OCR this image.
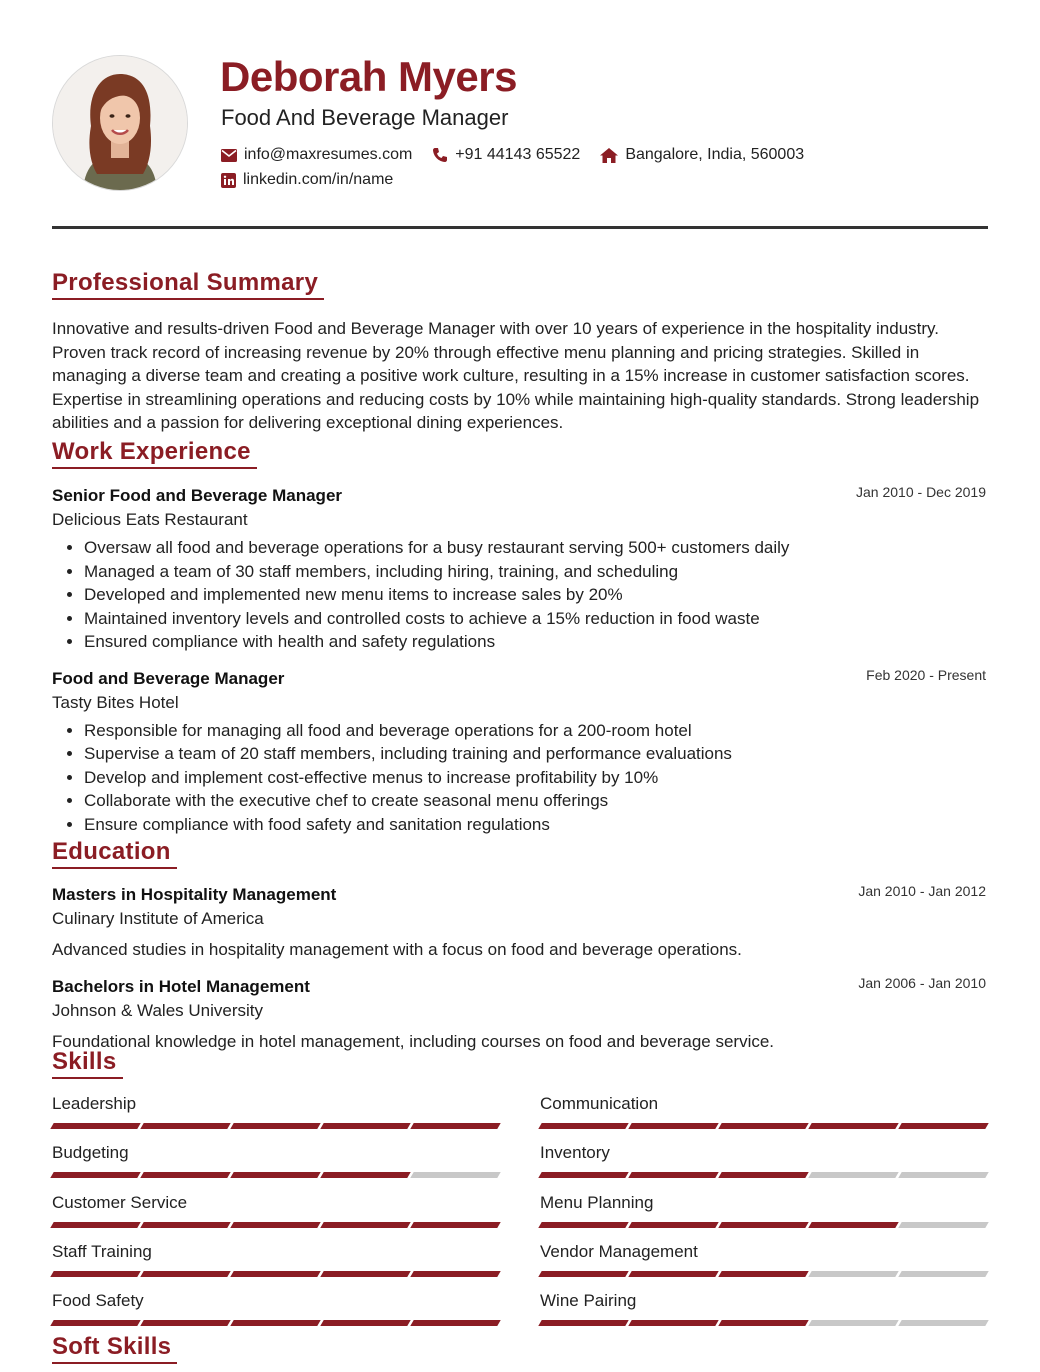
Deborah Myers
Food And Beverage Manager
info@maxresumes.com	+91 44143 65522	Bangalore, India, 560003
linkedin.com/in/name
Professional Summary

Innovative and results-driven Food and Beverage Manager with over 10 years of experience in the hospitality industry. Proven track record of increasing revenue by 20% through effective menu planning and pricing strategies. Skilled in managing a diverse team and creating a positive work culture, resulting in a 15% increase in customer satisfaction scores. Expertise in streamlining operations and reducing costs by 10% while maintaining high-quality standards. Strong leadership abilities and a passion for delivering exceptional dining experiences.

Work Experience
Senior Food and Beverage Manager	Jan 2010 - Dec 2019
Delicious Eats Restaurant
• Oversaw all food and beverage operations for a busy restaurant serving 500+ customers daily
• Managed a team of 30 staff members, including hiring, training, and scheduling
• Developed and implemented new menu items to increase sales by 20%
• Maintained inventory levels and controlled costs to achieve a 15% reduction in food waste
• Ensured compliance with health and safety regulations
Food and Beverage Manager	Feb 2020 - Present
Tasty Bites Hotel
• Responsible for managing all food and beverage operations for a 200-room hotel
• Supervise a team of 20 staff members, including training and performance evaluations
• Develop and implement cost-effective menus to increase profitability by 10%
• Collaborate with the executive chef to create seasonal menu offerings
• Ensure compliance with food safety and sanitation regulations
Education
Masters in Hospitality Management	Jan 2010 - Jan 2012
Culinary Institute of America

Advanced studies in hospitality management with a focus on food and beverage operations.

Bachelors in Hotel Management	Jan 2006 - Jan 2010
Johnson & Wales University

Foundational knowledge in hotel management, including courses on food and beverage service.

Skills
Leadership	Communication
Budgeting	Inventory
Customer Service	Menu Planning
Staff Training	Vendor Management
Food Safety	Wine Pairing
Soft Skills
